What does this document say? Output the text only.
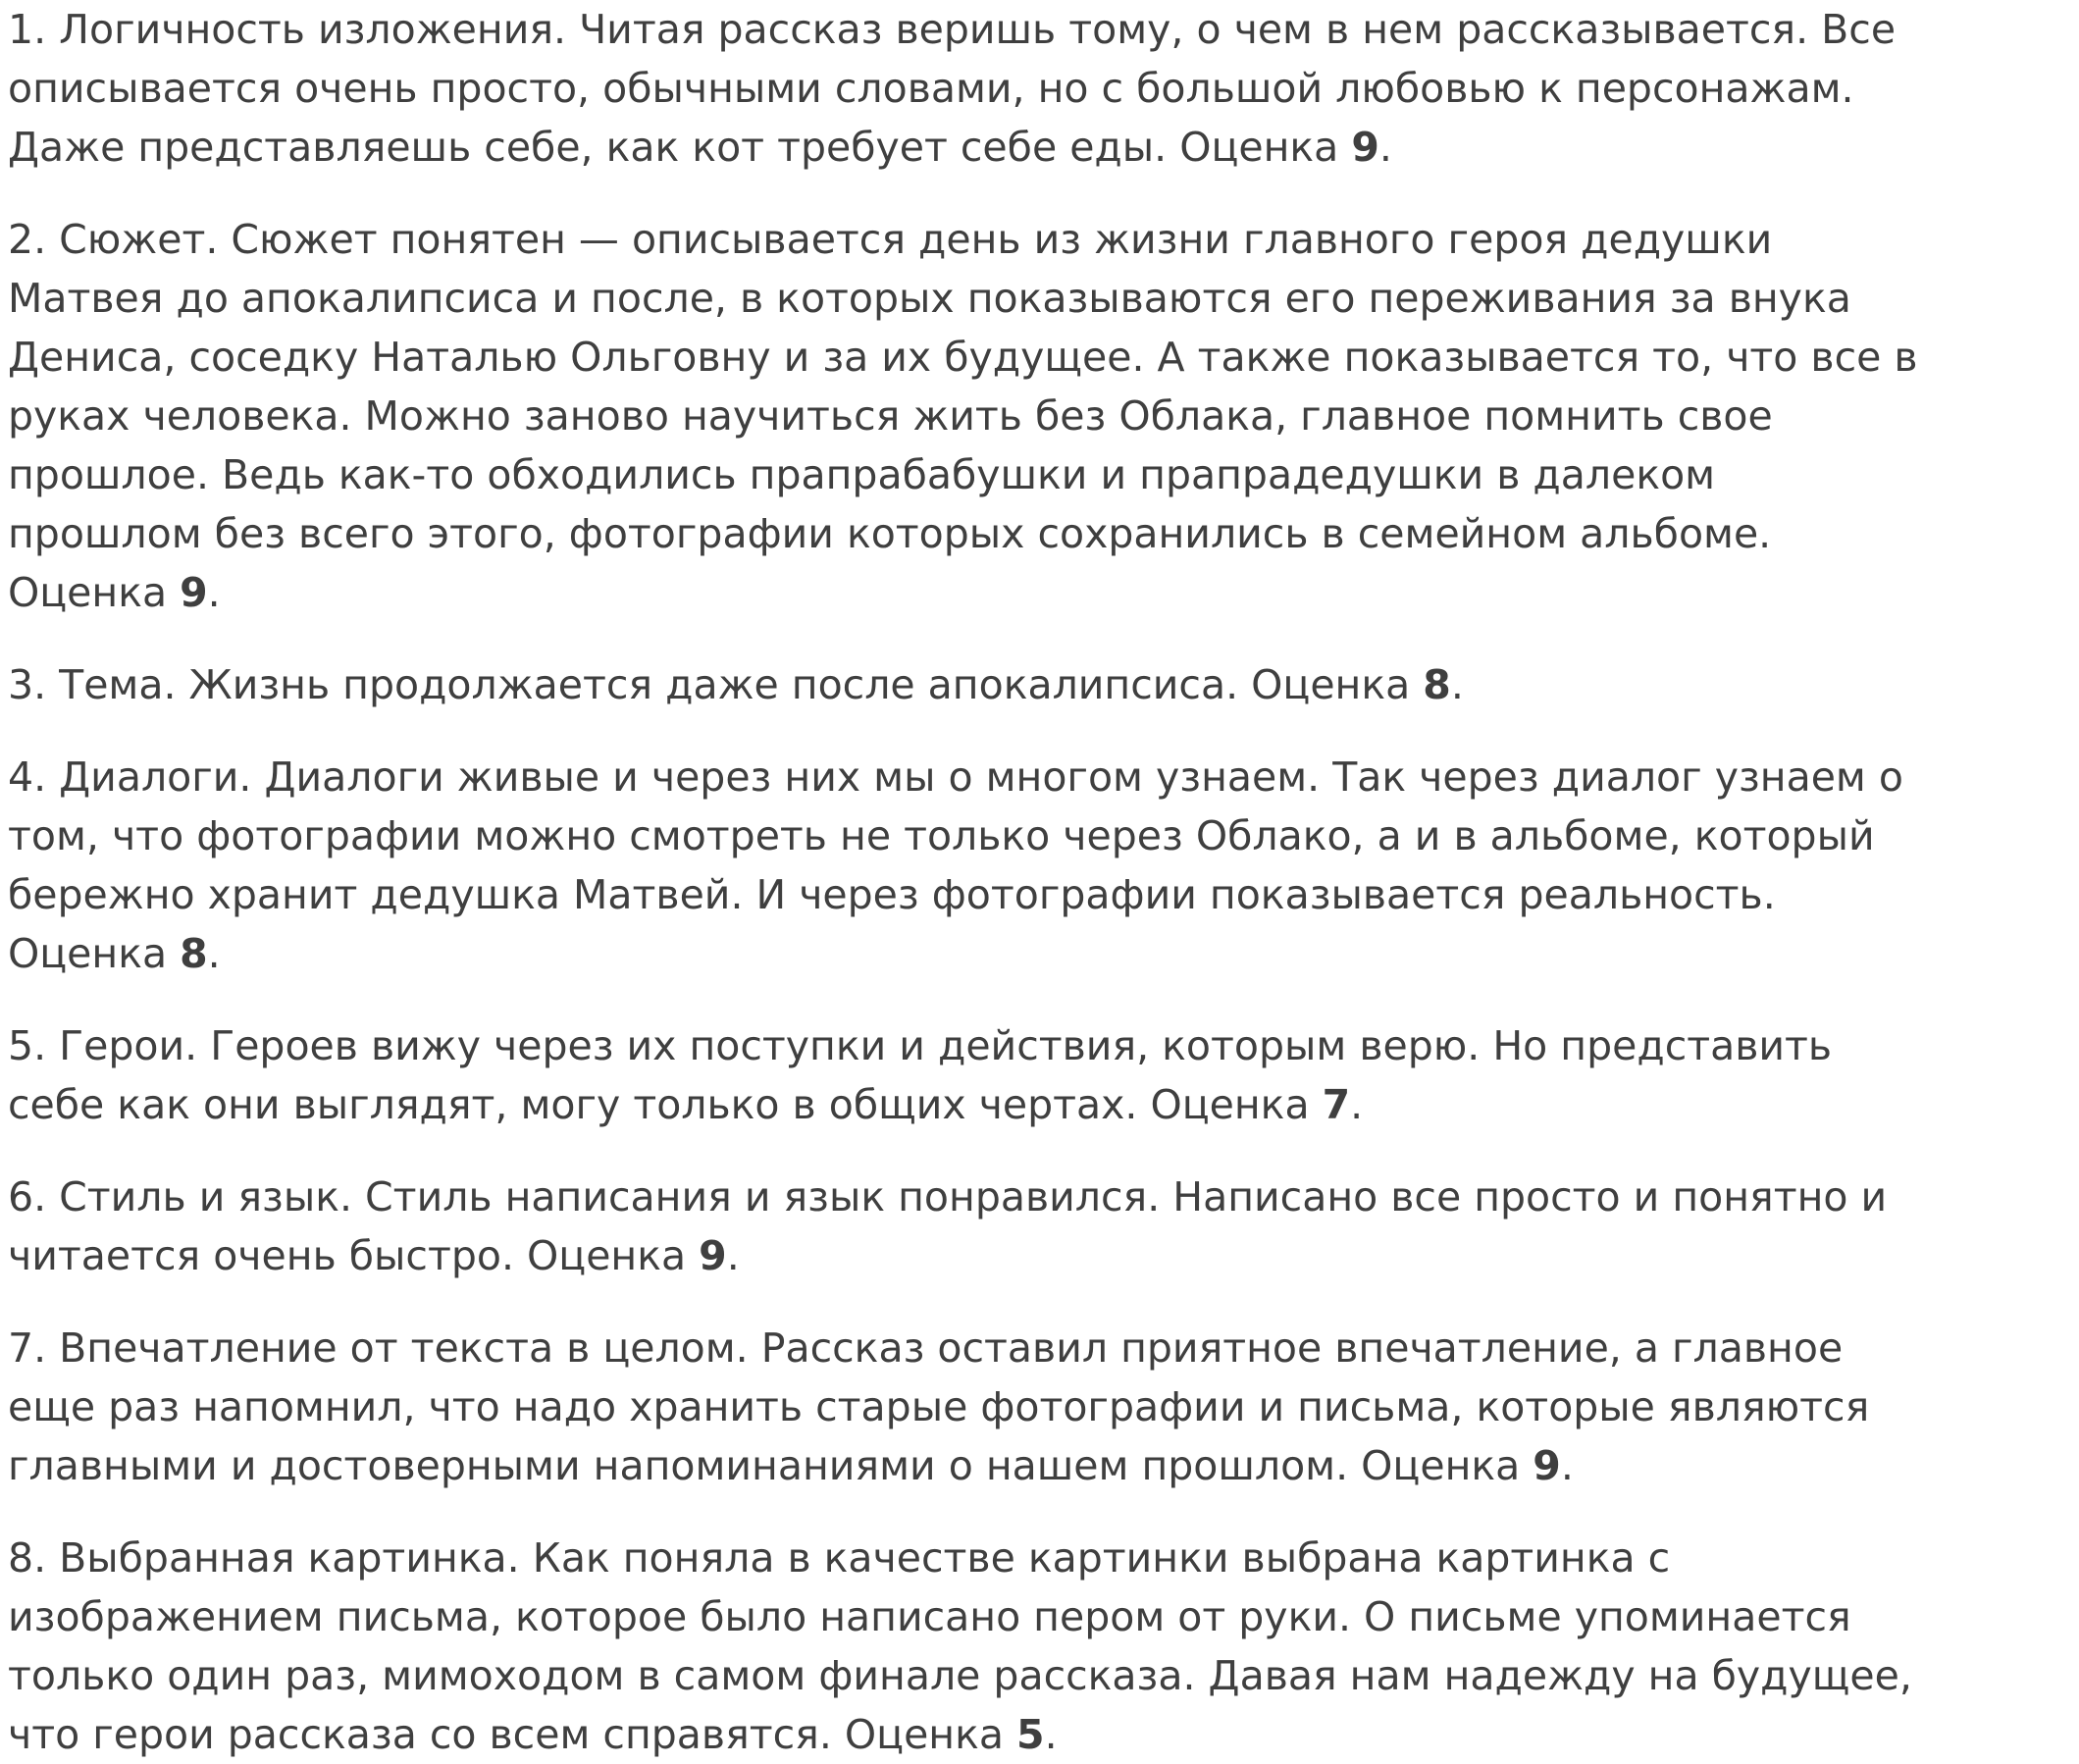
1. Логичность изложения. Читая рассказ веришь тому, о чем в нем рассказывается. Все
описывается очень просто, обычными словами, но с большой любовью к персонажам.
Даже представляешь себе, как кот требует себе еды. Оценка 9.

2. Сюжет. Сюжет понятен — описывается день из жизни главного героя дедушки
Матвея до апокалипсиса и после, в которых показываются его переживания за внука
Дениса, соседку Наталью Ольговну и за их будущее. А также показывается то, что все в
руках человека. Можно заново научиться жить без Облака, главное помнить свое
прошлое. Ведь как-то обходились прапрабабушки и прапрадедушки в далеком
прошлом без всего этого, фотографии которых сохранились в семейном альбоме.
Оценка 9.

3. Тема. Жизнь продолжается даже после апокалипсиса. Оценка 8.

4. Диалоги. Диалоги живые и через них мы о многом узнаем. Так через диалог узнаем о
том, что фотографии можно смотреть не только через Облако, а и в альбоме, который
бережно хранит дедушка Матвей. И через фотографии показывается реальность.
Оценка 8.

5. Герои. Героев вижу через их поступки и действия, которым верю. Но представить
себе как они выглядят, могу только в общих чертах. Оценка 7.

6. Стиль и язык. Стиль написания и язык понравился. Написано все просто и понятно и
читается очень быстро. Оценка 9.

7. Впечатление от текста в целом. Рассказ оставил приятное впечатление, а главное
еще раз напомнил, что надо хранить старые фотографии и письма, которые являются
главными и достоверными напоминаниями о нашем прошлом. Оценка 9.

8. Выбранная картинка. Как поняла в качестве картинки выбрана картинка с
изображением письма, которое было написано пером от руки. О письме упоминается
только один раз, мимоходом в самом финале рассказа. Давая нам надежду на будущее,
что герои рассказа со всем справятся. Оценка 5.
